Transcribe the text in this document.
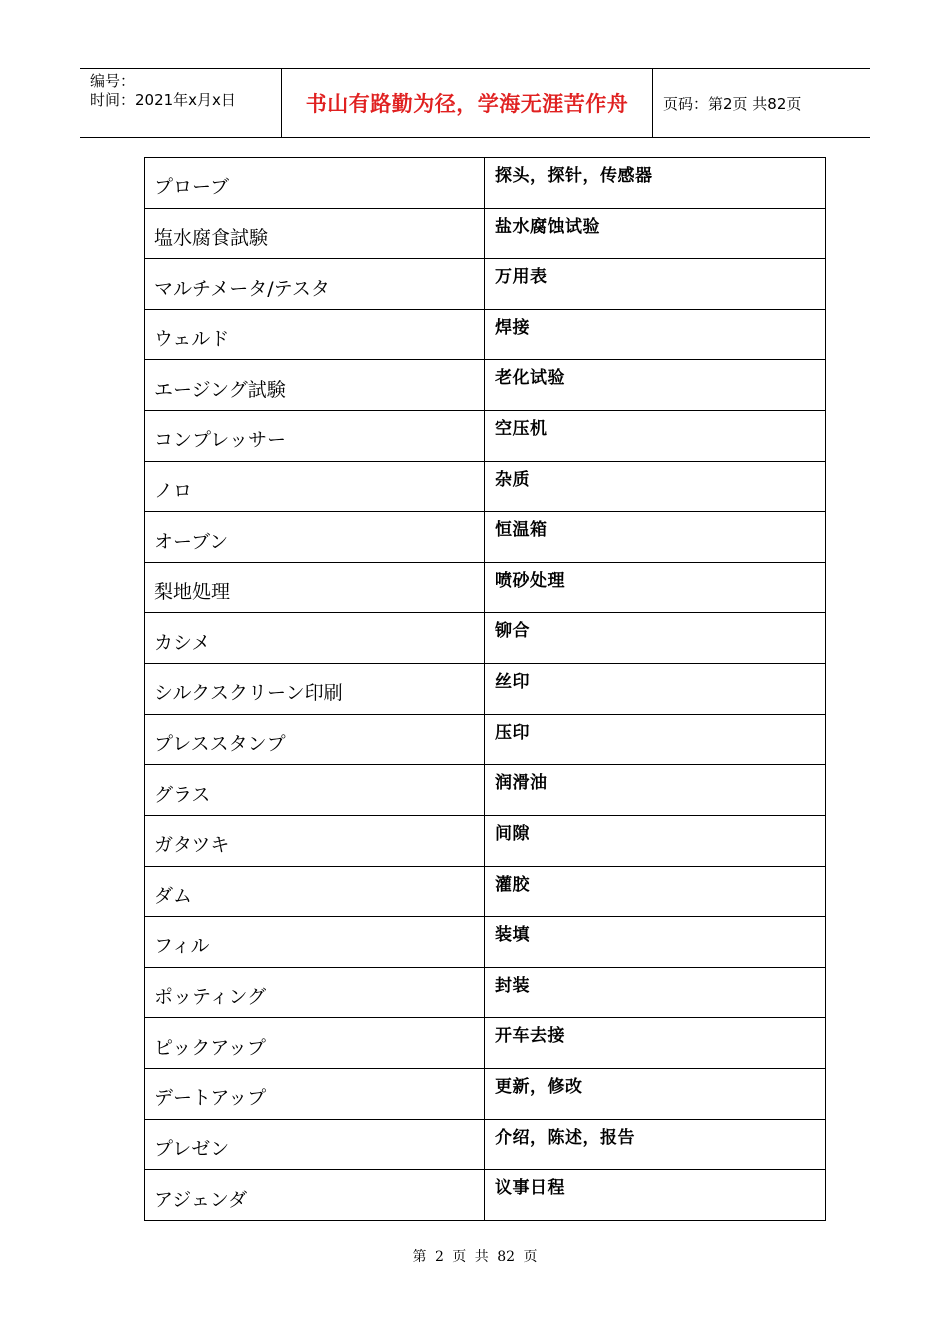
编号：
时间：2021年x月x日	书山有路勤为径，学海无涯苦作舟 页码：第2页 共82页
プローブ	探头，探针，传感器
塩水腐食試験	盐水腐蚀试验
マルチメータ/テスタ	万用表
ウェルド	焊接
エージング試験	老化试验
コンプレッサー	空压机
ノロ	杂质
オーブン	恒温箱
梨地処理	喷砂处理
カシメ	铆合
シルクスクリーン印刷	丝印
プレススタンプ	压印
グラス	润滑油
ガタツキ	间隙
ダム	灌胶
フィル	装填
ポッティング	封装
ピックアップ	开车去接
デートアップ	更新，修改
プレゼン	介绍，陈述，报告
アジェンダ	议事日程
第 2 页 共 82 页
